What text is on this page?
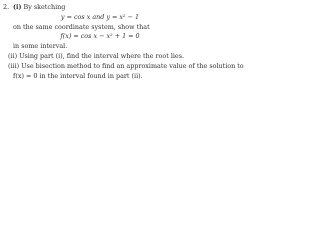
2. (i) By sketching
y = cos x and y = x² − 1
on the same coordinate system, show that
f(x) = cos x − x² + 1 = 0
in some interval.
(ii) Using part (i), find the interval where the root lies.
(iii) Use bisection method to find an approximate value of the solution to
f(x) = 0 in the interval found in part (ii).
